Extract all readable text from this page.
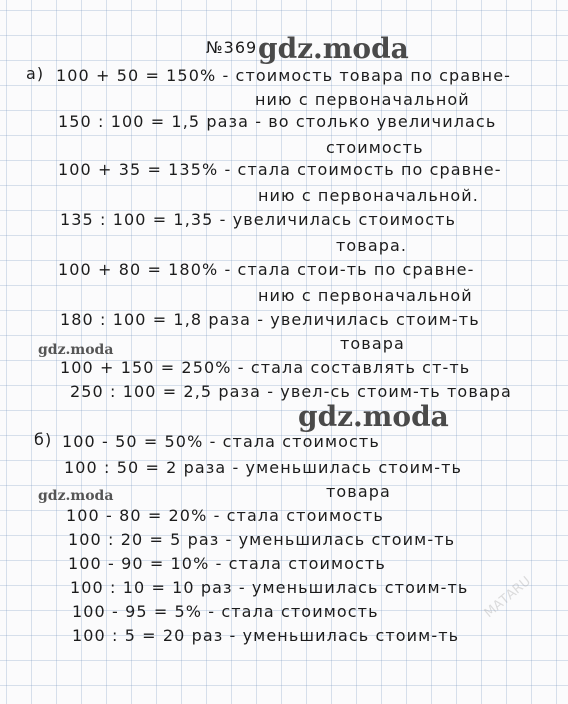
МАТАRU
№369 gdz.moda
а) 100 + 50 = 150% - стоимость товара по сравне-
нию с первоначальной
150 : 100 = 1,5 раза - во столько увеличилась
стоимость
100 + 35 = 135% - стала стоимость по сравне-
нию с первоначальной.
135 : 100 = 1,35 - увеличилась стоимость
товара.
100 + 80 = 180% - стала стои-ть по сравне-
нию с первоначальной
180 : 100 = 1,8 раза - увеличилась стоим-ть
товара
gdz.moda
100 + 150 = 250% - стала составлять ст-ть
250 : 100 = 2,5 раза - увел-сь стоим-ть товара
gdz.moda
б) 100 - 50 = 50% - стала стоимость
100 : 50 = 2 раза - уменьшилась стоим-ть
товара
gdz.moda
100 - 80 = 20% - стала стоимость
100 : 20 = 5 раз - уменьшилась стоим-ть
100 - 90 = 10% - стала стоимость
100 : 10 = 10 раз - уменьшилась стоим-ть
100 - 95 = 5% - стала стоимость
100 : 5 = 20 раз - уменьшилась стоим-ть
